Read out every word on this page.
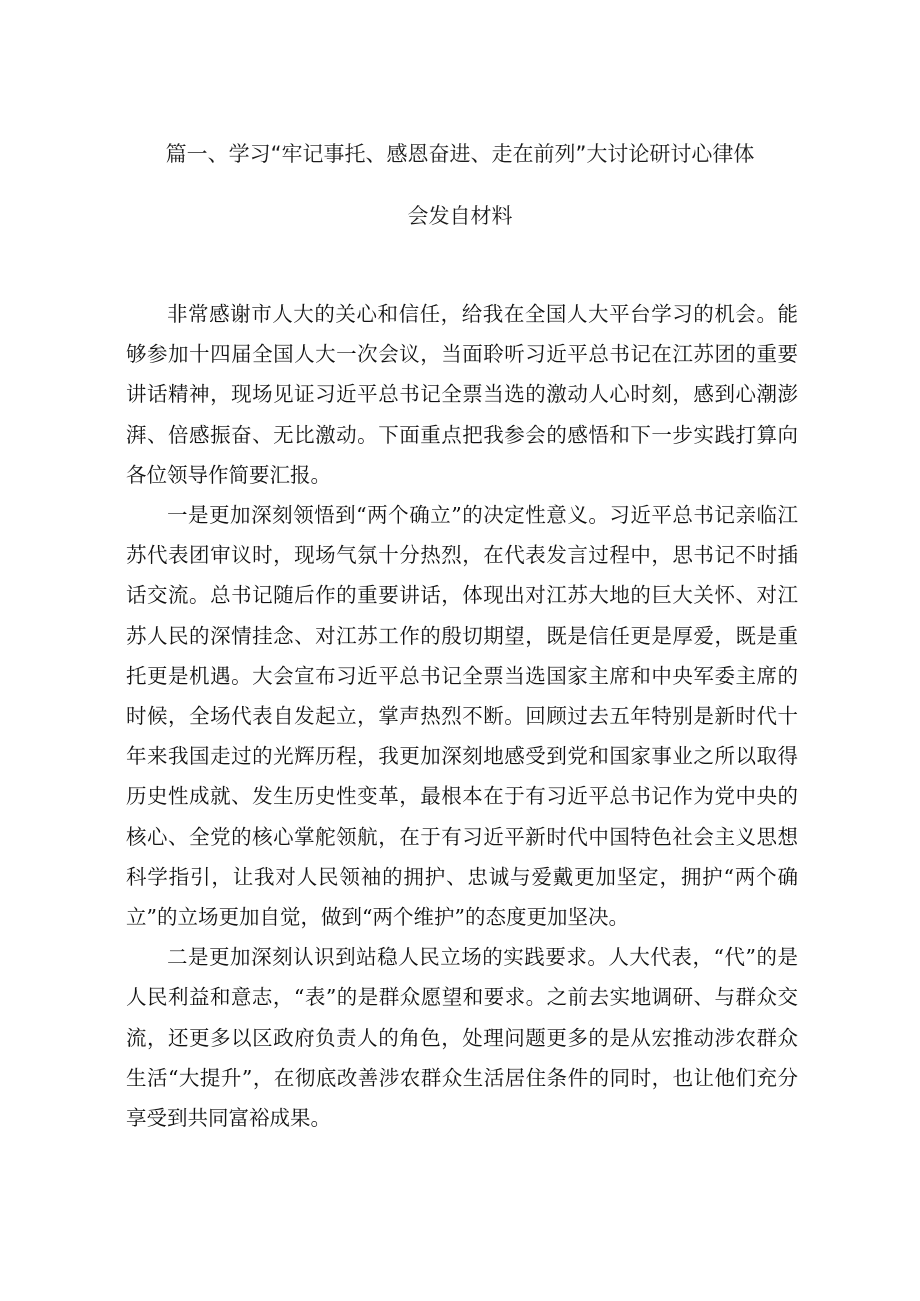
篇一、学习“牢记事托、感恩奋进、走在前列”大讨论研讨心律体
会发自材料

非常感谢市人大的关心和信任，给我在全国人大平台学习的机会。能够参加十四届全国人大一次会议，当面聆听习近平总书记在江苏团的重要讲话精神，现场见证习近平总书记全票当选的激动人心时刻，感到心潮澎湃、倍感振奋、无比激动。下面重点把我参会的感悟和下一步实践打算向各位领导作简要汇报。

一是更加深刻领悟到“两个确立”的决定性意义。习近平总书记亲临江苏代表团审议时，现场气氛十分热烈，在代表发言过程中，思书记不时插话交流。总书记随后作的重要讲话，体现出对江苏大地的巨大关怀、对江苏人民的深情挂念、对江苏工作的殷切期望，既是信任更是厚爱，既是重托更是机遇。大会宣布习近平总书记全票当选国家主席和中央军委主席的时候，全场代表自发起立，掌声热烈不断。回顾过去五年特别是新时代十年来我国走过的光辉历程，我更加深刻地感受到党和国家事业之所以取得历史性成就、发生历史性变革，最根本在于有习近平总书记作为党中央的核心、全党的核心掌舵领航，在于有习近平新时代中国特色社会主义思想科学指引，让我对人民领袖的拥护、忠诚与爱戴更加坚定，拥护“两个确立”的立场更加自觉，做到“两个维护”的态度更加坚决。

二是更加深刻认识到站稳人民立场的实践要求。人大代表，“代”的是人民利益和意志，“表”的是群众愿望和要求。之前去实地调研、与群众交流，还更多以区政府负责人的角色，处理问题更多的是从宏推动涉农群众生活“大提升”，在彻底改善涉农群众生活居住条件的同时，也让他们充分享受到共同富裕成果。
